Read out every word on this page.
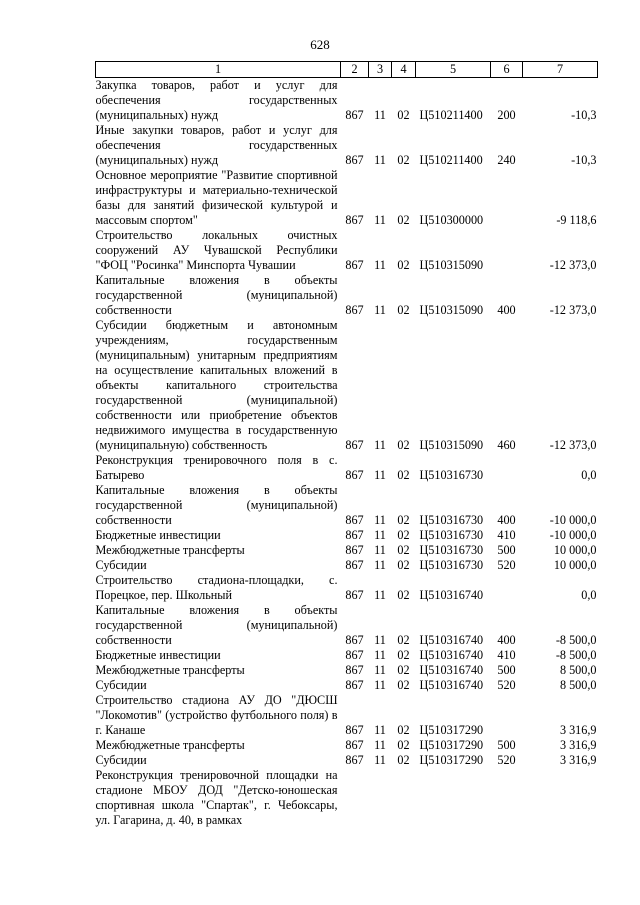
628
1	2	3	4	5	6	7
Закупка товаров, работ и услуг для обеспечения государственных (муниципальных) нужд	867	11	02	Ц510211400	200	-10,3
Иные закупки товаров, работ и услуг для обеспечения государственных (муниципальных) нужд	867	11	02	Ц510211400	240	-10,3
Основное мероприятие "Развитие спортивной инфраструктуры и материально-технической базы для занятий физической культурой и массовым спортом"	867	11	02	Ц510300000		-9 118,6
Строительство локальных очистных сооружений АУ Чувашской Республики "ФОЦ "Росинка" Минспорта Чувашии	867	11	02	Ц510315090		-12 373,0
Капитальные вложения в объекты государственной (муниципальной) собственности	867	11	02	Ц510315090	400	-12 373,0
Субсидии бюджетным и автономным учреждениям, государственным (муниципальным) унитарным предприятиям на осуществление капитальных вложений в объекты капитального строительства государственной (муниципальной) собственности или приобретение объектов недвижимого имущества в государственную (муниципальную) собственность	867	11	02	Ц510315090	460	-12 373,0
Реконструкция тренировочного поля в с. Батырево	867	11	02	Ц510316730		0,0
Капитальные вложения в объекты государственной (муниципальной) собственности	867	11	02	Ц510316730	400	-10 000,0
Бюджетные инвестиции	867	11	02	Ц510316730	410	-10 000,0
Межбюджетные трансферты	867	11	02	Ц510316730	500	10 000,0
Субсидии	867	11	02	Ц510316730	520	10 000,0
Строительство стадиона-площадки, с. Порецкое, пер. Школьный	867	11	02	Ц510316740		0,0
Капитальные вложения в объекты государственной (муниципальной) собственности	867	11	02	Ц510316740	400	-8 500,0
Бюджетные инвестиции	867	11	02	Ц510316740	410	-8 500,0
Межбюджетные трансферты	867	11	02	Ц510316740	500	8 500,0
Субсидии	867	11	02	Ц510316740	520	8 500,0
Строительство стадиона АУ ДО "ДЮСШ "Локомотив" (устройство футбольного поля) в г. Канаше	867	11	02	Ц510317290		3 316,9
Межбюджетные трансферты	867	11	02	Ц510317290	500	3 316,9
Субсидии	867	11	02	Ц510317290	520	3 316,9
Реконструкция тренировочной площадки на стадионе МБОУ ДОД "Детско-юношеская спортивная школа "Спартак", г. Чебоксары, ул. Гагарина, д. 40, в рамках						
